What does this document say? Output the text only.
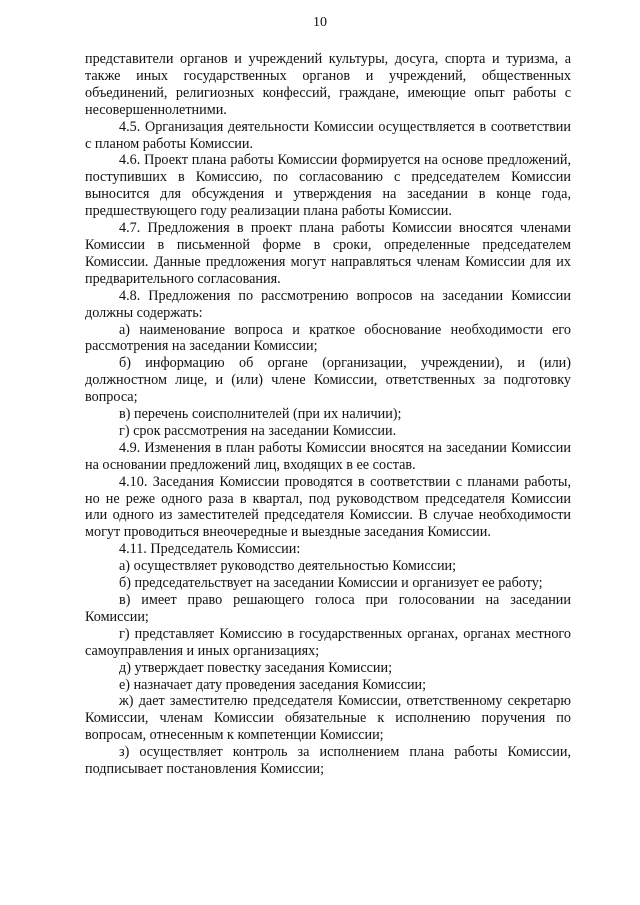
10

представители органов и учреждений культуры, досуга, спорта и туризма, а также иных государственных органов и учреждений, общественных объединений, религиозных конфессий, граждане, имеющие опыт работы с несовершеннолетними.

4.5. Организация деятельности Комиссии осуществляется в соответствии с планом работы Комиссии.

4.6. Проект плана работы Комиссии формируется на основе предложений, поступивших в Комиссию, по согласованию с председателем Комиссии выносится для обсуждения и утверждения на заседании в конце года, предшествующего году реализации плана работы Комиссии.

4.7. Предложения в проект плана работы Комиссии вносятся членами Комиссии в письменной форме в сроки, определенные председателем Комиссии. Данные предложения могут направляться членам Комиссии для их предварительного согласования.

4.8. Предложения по рассмотрению вопросов на заседании Комиссии должны содержать:

а) наименование вопроса и краткое обоснование необходимости его рассмотрения на заседании Комиссии;

б) информацию об органе (организации, учреждении), и (или) должностном лице, и (или) члене Комиссии, ответственных за подготовку вопроса;

в) перечень соисполнителей (при их наличии);

г) срок рассмотрения на заседании Комиссии.

4.9. Изменения в план работы Комиссии вносятся на заседании Комиссии на основании предложений лиц, входящих в ее состав.

4.10. Заседания Комиссии проводятся в соответствии с планами работы, но не реже одного раза в квартал, под руководством председателя Комиссии или одного из заместителей председателя Комиссии. В случае необходимости могут проводиться внеочередные и выездные заседания Комиссии.

4.11. Председатель Комиссии:

а) осуществляет руководство деятельностью Комиссии;

б) председательствует на заседании Комиссии и организует ее работу;

в) имеет право решающего голоса при голосовании на заседании Комиссии;

г) представляет Комиссию в государственных органах, органах местного самоуправления и иных организациях;

д) утверждает повестку заседания Комиссии;

е) назначает дату проведения заседания Комиссии;

ж) дает заместителю председателя Комиссии, ответственному секретарю Комиссии, членам Комиссии обязательные к исполнению поручения по вопросам, отнесенным к компетенции Комиссии;

з) осуществляет контроль за исполнением плана работы Комиссии, подписывает постановления Комиссии;
